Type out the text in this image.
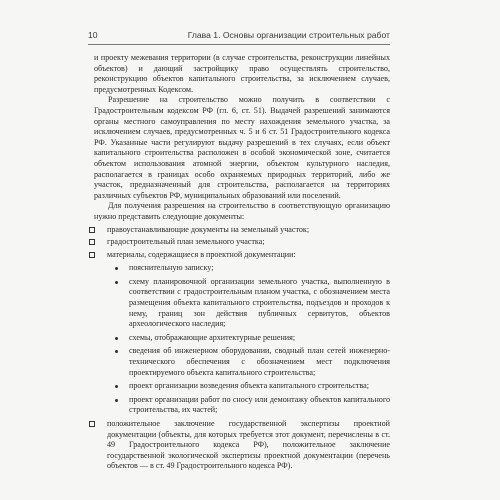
10	Глава 1. Основы организации строительных работ

и проекту межевания территории (в случае строительства, реконструкции линейных объектов) и дающий застройщику право осуществлять строительство, реконструкцию объектов капитального строительства, за исключением случаев, предусмотренных Кодексом.

Разрешение на строительство можно получить в соответствии с Градостроительным кодексом РФ (гл. 6, ст. 51). Выдачей разрешений занимаются органы местного самоуправления по месту нахождения земельного участка, за исключением случаев, предусмотренных ч. 5 и 6 ст. 51 Градостроительного кодекса РФ. Указанные части регулируют выдачу разрешений в тех случаях, если объект капитального строительства расположен в особой экономической зоне, считается объектом использования атомной энергии, объектом культурного наследия, располагается в границах особо охраняемых природных территорий, либо же участок, предназначенный для строительства, располагается на территориях различных субъектов РФ, муниципальных образований или поселений.

Для получения разрешения на строительство в соответствующую организацию нужно представить следующие документы:

правоустанавливающие документы на земельный участок;
градостроительный план земельного участка;
материалы, содержащиеся в проектной документации:
пояснительную записку;
схему планировочной организации земельного участка, выполненную в соответствии с градостроительным планом участка, с обозначением места размещения объекта капитального строительства, подъездов и проходов к нему, границ зон действия публичных сервитутов, объектов археологического наследия;
схемы, отображающие архитектурные решения;
сведения об инженерном оборудовании, сводный план сетей инженерно-технического обеспечения с обозначением мест подключения проектируемого объекта капитального строительства;
проект организации возведения объекта капитального строительства;
проект организации работ по сносу или демонтажу объектов капитального строительства, их частей;
положительное заключение государственной экспертизы проектной документации (объекты, для которых требуется этот документ, перечислены в ст. 49 Градостроительного кодекса РФ), положительное заключение государственной экологической экспертизы проектной документации (перечень объектов — в ст. 49 Градостроительного кодекса РФ).
